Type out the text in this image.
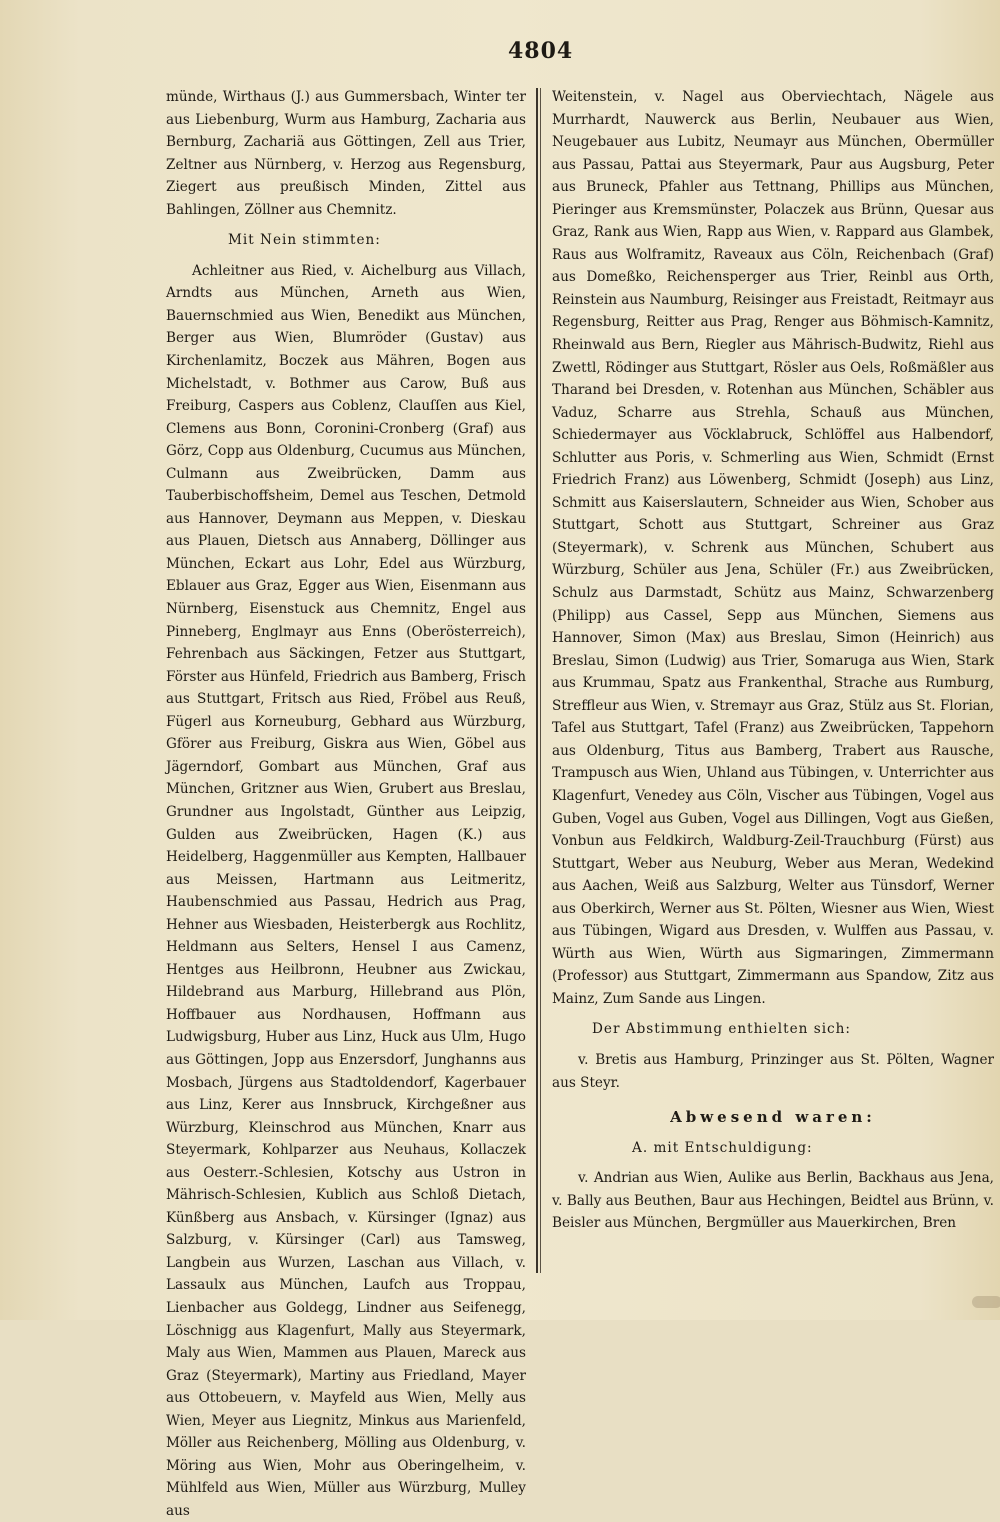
4804

münde, Wirthaus (J.) aus Gummersbach, Winter ter aus Liebenburg, Wurm aus Hamburg, Zacharia aus Bernburg, Zachariä aus Göttingen, Zell aus Trier, Zeltner aus Nürnberg, v. Herzog aus Regensburg, Ziegert aus preußisch Minden, Zittel aus Bahlingen, Zöllner aus Chemnitz.

Mit Nein stimmten:

Achleitner aus Ried, v. Aichelburg aus Villach, Arndts aus München, Arneth aus Wien, Bauernschmied aus Wien, Benedikt aus München, Berger aus Wien, Blumröder (Gustav) aus Kirchenlamitz, Boczek aus Mähren, Bogen aus Michelstadt, v. Bothmer aus Carow, Buß aus Freiburg, Caspers aus Coblenz, Clauſſen aus Kiel, Clemens aus Bonn, Coronini-Cronberg (Graf) aus Görz, Copp aus Oldenburg, Cucumus aus München, Culmann aus Zweibrücken, Damm aus Tauberbischoffsheim, Demel aus Teschen, Detmold aus Hannover, Deymann aus Meppen, v. Dieskau aus Plauen, Dietsch aus Annaberg, Döllinger aus München, Eckart aus Lohr, Edel aus Würzburg, Eblauer aus Graz, Egger aus Wien, Eisenmann aus Nürnberg, Eisenstuck aus Chemnitz, Engel aus Pinneberg, Englmayr aus Enns (Oberösterreich), Fehrenbach aus Säckingen, Fetzer aus Stuttgart, Förster aus Hünfeld, Friedrich aus Bamberg, Frisch aus Stuttgart, Fritsch aus Ried, Fröbel aus Reuß, Fügerl aus Korneuburg, Gebhard aus Würzburg, Gförer aus Freiburg, Giskra aus Wien, Göbel aus Jägerndorf, Gombart aus München, Graf aus München, Gritzner aus Wien, Grubert aus Breslau, Grundner aus Ingolstadt, Günther aus Leipzig, Gulden aus Zweibrücken, Hagen (K.) aus Heidelberg, Haggenmüller aus Kempten, Hallbauer aus Meissen, Hartmann aus Leitmeritz, Haubenschmied aus Passau, Hedrich aus Prag, Hehner aus Wiesbaden, Heisterbergk aus Rochlitz, Heldmann aus Selters, Hensel I aus Camenz, Hentges aus Heilbronn, Heubner aus Zwickau, Hildebrand aus Marburg, Hillebrand aus Plön, Hoffbauer aus Nordhausen, Hoffmann aus Ludwigsburg, Huber aus Linz, Huck aus Ulm, Hugo aus Göttingen, Jopp aus Enzersdorf, Junghanns aus Mosbach, Jürgens aus Stadtoldendorf, Kagerbauer aus Linz, Kerer aus Innsbruck, Kirchgeßner aus Würzburg, Kleinschrod aus München, Knarr aus Steyermark, Kohlparzer aus Neuhaus, Kollaczek aus Oesterr.-Schlesien, Kotschy aus Ustron in Mährisch-Schlesien, Kublich aus Schloß Dietach, Künßberg aus Ansbach, v. Kürsinger (Ignaz) aus Salzburg, v. Kürsinger (Carl) aus Tamsweg, Langbein aus Wurzen, Laschan aus Villach, v. Lassaulx aus München, Laufch aus Troppau, Lienbacher aus Goldegg, Lindner aus Seifenegg, Löschnigg aus Klagenfurt, Mally aus Steyermark, Maly aus Wien, Mammen aus Plauen, Mareck aus Graz (Steyermark), Martiny aus Friedland, Mayer aus Ottobeuern, v. Mayfeld aus Wien, Melly aus Wien, Meyer aus Liegnitz, Minkus aus Marienfeld, Möller aus Reichenberg, Mölling aus Oldenburg, v. Möring aus Wien, Mohr aus Oberingelheim, v. Mühlfeld aus Wien, Müller aus Würzburg, Mulley aus

Weitenstein, v. Nagel aus Oberviechtach, Nägele aus Murrhardt, Nauwerck aus Berlin, Neubauer aus Wien, Neugebauer aus Lubitz, Neumayr aus München, Obermüller aus Passau, Pattai aus Steyermark, Paur aus Augsburg, Peter aus Bruneck, Pfahler aus Tettnang, Phillips aus München, Pieringer aus Kremsmünster, Polaczek aus Brünn, Quesar aus Graz, Rank aus Wien, Rapp aus Wien, v. Rappard aus Glambek, Raus aus Wolframitz, Raveaux aus Cöln, Reichenbach (Graf) aus Domeßko, Reichensperger aus Trier, Reinbl aus Orth, Reinstein aus Naumburg, Reisinger aus Freistadt, Reitmayr aus Regensburg, Reitter aus Prag, Renger aus Böhmisch-Kamnitz, Rheinwald aus Bern, Riegler aus Mährisch-Budwitz, Riehl aus Zwettl, Rödinger aus Stuttgart, Rösler aus Oels, Roßmäßler aus Tharand bei Dresden, v. Rotenhan aus München, Schäbler aus Vaduz, Scharre aus Strehla, Schauß aus München, Schiedermayer aus Vöcklabruck, Schlöffel aus Halbendorf, Schlutter aus Poris, v. Schmerling aus Wien, Schmidt (Ernst Friedrich Franz) aus Löwenberg, Schmidt (Joseph) aus Linz, Schmitt aus Kaiserslautern, Schneider aus Wien, Schober aus Stuttgart, Schott aus Stuttgart, Schreiner aus Graz (Steyermark), v. Schrenk aus München, Schubert aus Würzburg, Schüler aus Jena, Schüler (Fr.) aus Zweibrücken, Schulz aus Darmstadt, Schütz aus Mainz, Schwarzenberg (Philipp) aus Cassel, Sepp aus München, Siemens aus Hannover, Simon (Max) aus Breslau, Simon (Heinrich) aus Breslau, Simon (Ludwig) aus Trier, Somaruga aus Wien, Stark aus Krummau, Spatz aus Frankenthal, Strache aus Rumburg, Streffleur aus Wien, v. Stremayr aus Graz, Stülz aus St. Florian, Tafel aus Stuttgart, Tafel (Franz) aus Zweibrücken, Tappehorn aus Oldenburg, Titus aus Bamberg, Trabert aus Rausche, Trampusch aus Wien, Uhland aus Tübingen, v. Unterrichter aus Klagenfurt, Venedey aus Cöln, Vischer aus Tübingen, Vogel aus Guben, Vogel aus Guben, Vogel aus Dillingen, Vogt aus Gießen, Vonbun aus Feldkirch, Waldburg-Zeil-Trauchburg (Fürst) aus Stuttgart, Weber aus Neuburg, Weber aus Meran, Wedekind aus Aachen, Weiß aus Salzburg, Welter aus Tünsdorf, Werner aus Oberkirch, Werner aus St. Pölten, Wiesner aus Wien, Wiest aus Tübingen, Wigard aus Dresden, v. Wulffen aus Passau, v. Würth aus Wien, Würth aus Sigmaringen, Zimmermann (Professor) aus Stuttgart, Zimmermann aus Spandow, Zitz aus Mainz, Zum Sande aus Lingen.

Der Abstimmung enthielten sich:

v. Bretis aus Hamburg, Prinzinger aus St. Pölten, Wagner aus Steyr.

Abwesend waren:

A. mit Entschuldigung:

v. Andrian aus Wien, Aulike aus Berlin, Backhaus aus Jena, v. Bally aus Beuthen, Baur aus Hechingen, Beidtel aus Brünn, v. Beisler aus München, Bergmüller aus Mauerkirchen, Bren
